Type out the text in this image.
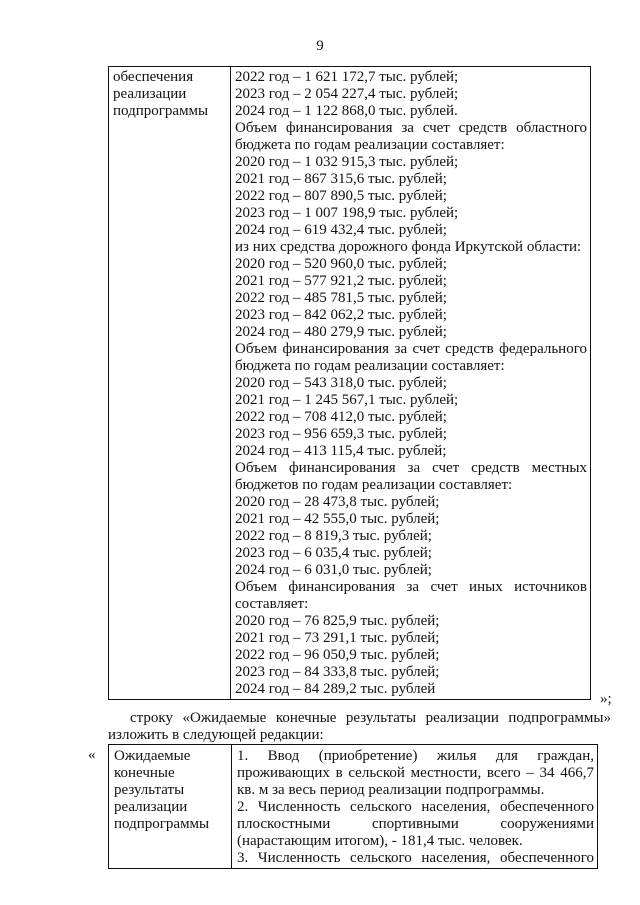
9
обеспечения
реализации
подпрограммы

2022 год – 1 621 172,7 тыс. рублей;
2023 год – 2 054 227,4 тыс. рублей;
2024 год – 1 122 868,0 тыс. рублей.
Объем финансирования за счет средств областного
бюджета по годам реализации составляет:
2020 год – 1 032 915,3 тыс. рублей;
2021 год – 867 315,6 тыс. рублей;
2022 год – 807 890,5 тыс. рублей;
2023 год – 1 007 198,9 тыс. рублей;
2024 год – 619 432,4 тыс. рублей;
из них средства дорожного фонда Иркутской области:
2020 год – 520 960,0 тыс. рублей;
2021 год – 577 921,2 тыс. рублей;
2022 год – 485 781,5 тыс. рублей;
2023 год – 842 062,2 тыс. рублей;
2024 год – 480 279,9 тыс. рублей;
Объем финансирования за счет средств федерального
бюджета по годам реализации составляет:
2020 год – 543 318,0 тыс. рублей;
2021 год – 1 245 567,1 тыс. рублей;
2022 год – 708 412,0 тыс. рублей;
2023 год – 956 659,3 тыс. рублей;
2024 год – 413 115,4 тыс. рублей;
Объем финансирования за счет средств местных
бюджетов по годам реализации составляет:
2020 год – 28 473,8 тыс. рублей;
2021 год – 42 555,0 тыс. рублей;
2022 год – 8 819,3 тыс. рублей;
2023 год – 6 035,4 тыс. рублей;
2024 год – 6 031,0 тыс. рублей;
Объем финансирования за счет иных источников
составляет:
2020 год – 76 825,9 тыс. рублей;
2021 год – 73 291,1 тыс. рублей;
2022 год – 96 050,9 тыс. рублей;
2023 год – 84 333,8 тыс. рублей;
2024 год – 84 289,2 тыс. рублей
»;
строку «Ожидаемые конечные результаты реализации подпрограммы»
изложить в следующей редакции:
« Ожидаемые
конечные
результаты
реализации
подпрограммы

1. Ввод (приобретение) жилья для граждан,
проживающих в сельской местности, всего – 34 466,7
кв. м за весь период реализации подпрограммы.
2. Численность сельского населения, обеспеченного
плоскостными спортивными сооружениями
(нарастающим итогом), - 181,4 тыс. человек.
3. Численность сельского населения, обеспеченного
